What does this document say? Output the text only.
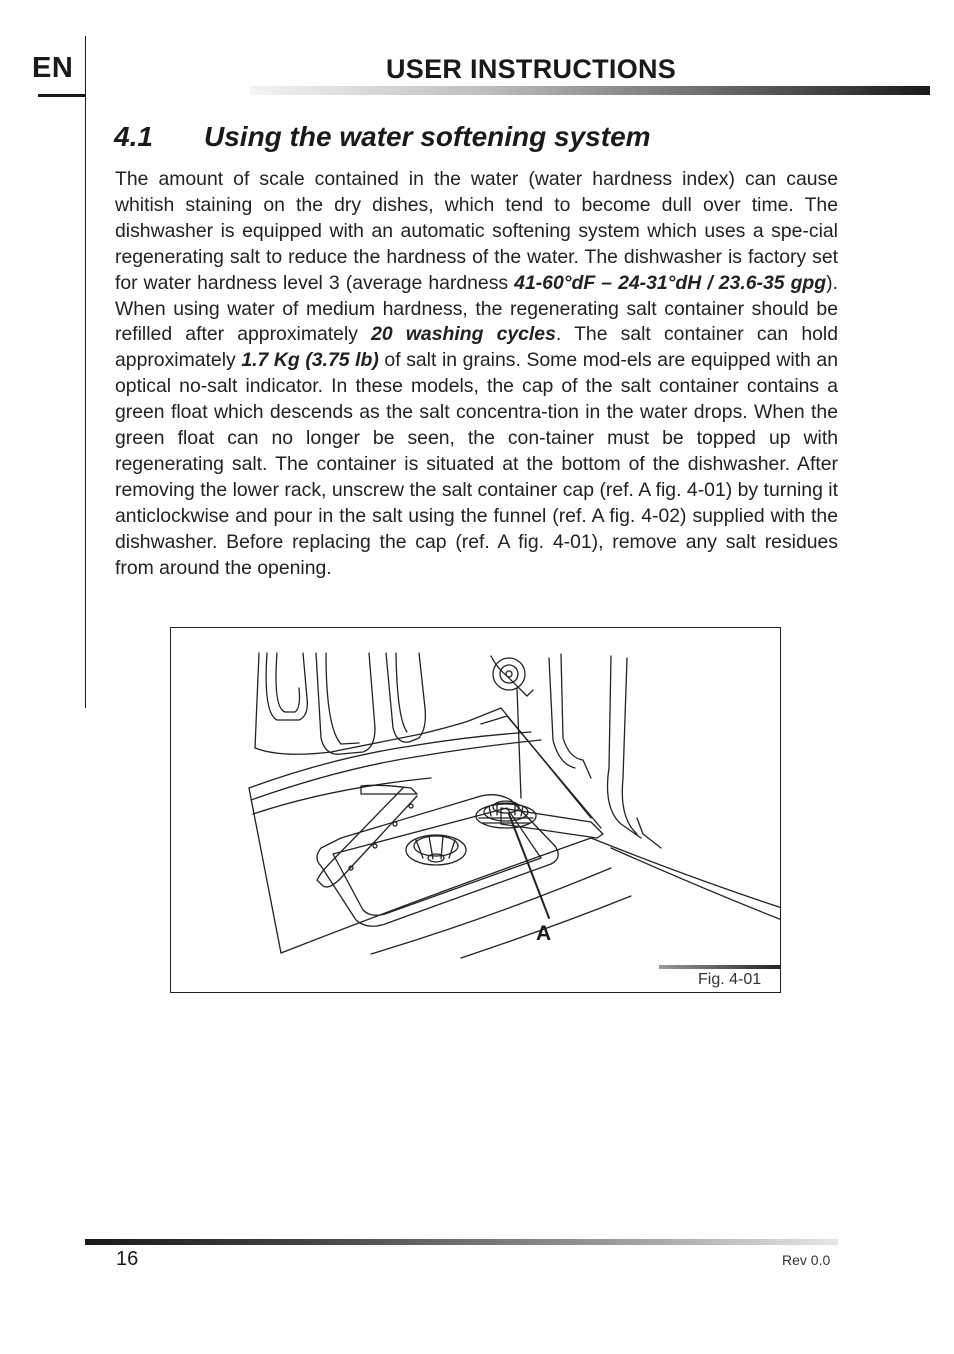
EN	USER INSTRUCTIONS
4.1 Using the water softening system
The amount of scale contained in the water (water hardness index) can cause whitish staining on the dry dishes, which tend to become dull over time. The dishwasher is equipped with an automatic softening system which uses a spe-cial regenerating salt to reduce the hardness of the water. The dishwasher is factory set for water hardness level 3 (average hardness 41-60°dF – 24-31°dH / 23.6-35 gpg). When using water of medium hardness, the regenerating salt container should be refilled after approximately 20 washing cycles. The salt container can hold approximately 1.7 Kg (3.75 lb) of salt in grains. Some mod-els are equipped with an optical no-salt indicator. In these models, the cap of the salt container contains a green float which descends as the salt concentra-tion in the water drops. When the green float can no longer be seen, the con-tainer must be topped up with regenerating salt. The container is situated at the bottom of the dishwasher. After removing the lower rack, unscrew the salt container cap (ref. A fig. 4-01) by turning it anticlockwise and pour in the salt using the funnel (ref. A fig. 4-02) supplied with the dishwasher. Before replacing the cap (ref. A fig. 4-01), remove any salt residues from around the opening.
A
Fig. 4-01
16	Rev 0.0
